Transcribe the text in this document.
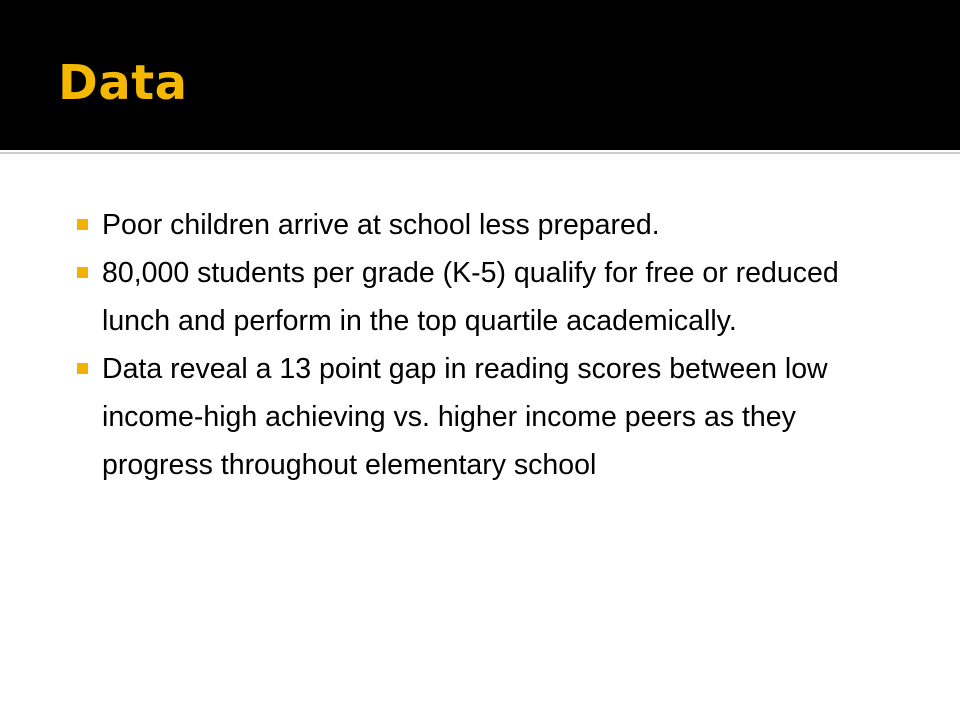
Data
Poor children arrive at school less prepared.
80,000 students per grade (K-5) qualify for free or reduced lunch and perform in the top quartile academically.
Data reveal a 13 point gap in reading scores between low income-high achieving vs. higher income peers as they progress throughout elementary school
